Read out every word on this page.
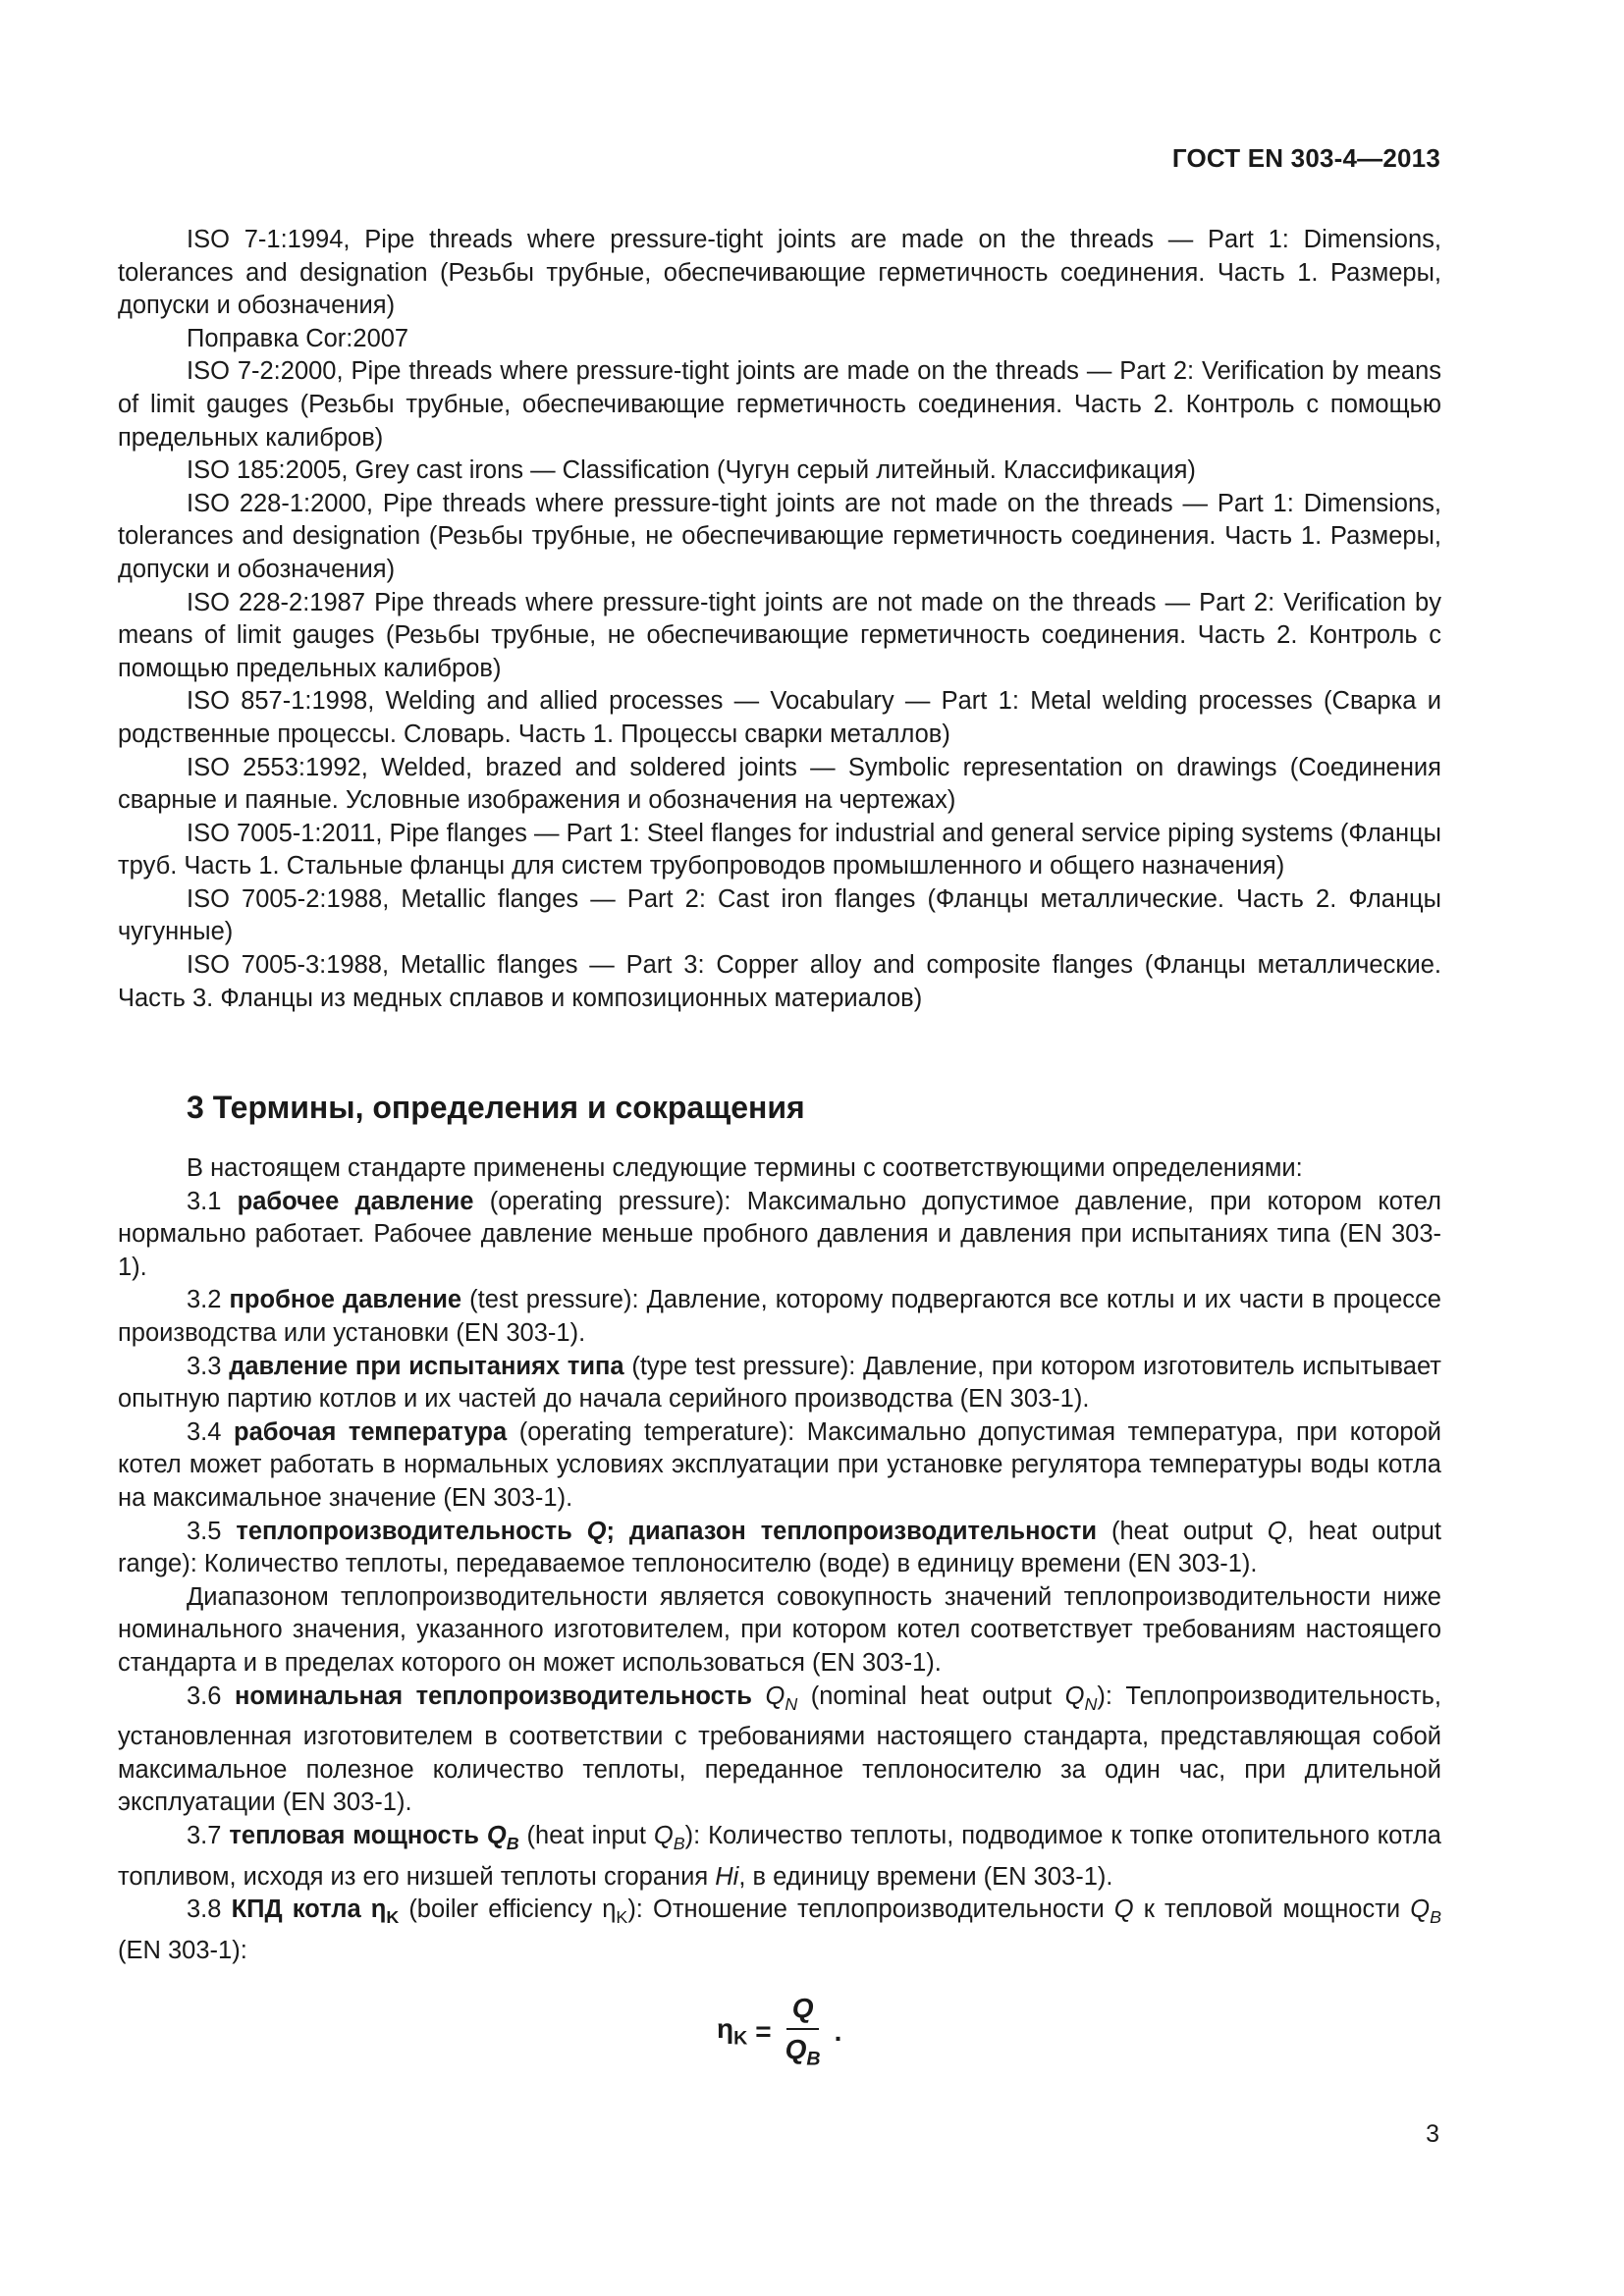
ГОСТ EN 303-4—2013

ISO 7-1:1994, Pipe threads where pressure-tight joints are made on the threads — Part 1: Dimensions, tolerances and designation (Резьбы трубные, обеспечивающие герметичность соединения. Часть 1. Размеры, допуски и обозначения)

Поправка Cor:2007

ISO 7-2:2000, Pipe threads where pressure-tight joints are made on the threads — Part 2: Verification by means of limit gauges (Резьбы трубные, обеспечивающие герметичность соединения. Часть 2. Контроль с помощью предельных калибров)

ISO 185:2005, Grey cast irons — Classification (Чугун серый литейный. Классификация)

ISO 228-1:2000, Pipe threads where pressure-tight joints are not made on the threads — Part 1: Dimensions, tolerances and designation (Резьбы трубные, не обеспечивающие герметичность соединения. Часть 1. Размеры, допуски и обозначения)

ISO 228-2:1987 Pipe threads where pressure-tight joints are not made on the threads — Part 2: Verification by means of limit gauges (Резьбы трубные, не обеспечивающие герметичность соединения. Часть 2. Контроль с помощью предельных калибров)

ISO 857-1:1998, Welding and allied processes — Vocabulary — Part 1: Metal welding processes (Сварка и родственные процессы. Словарь. Часть 1. Процессы сварки металлов)

ISO 2553:1992, Welded, brazed and soldered joints — Symbolic representation on drawings (Соединения сварные и паяные. Условные изображения и обозначения на чертежах)

ISO 7005-1:2011, Pipe flanges — Part 1: Steel flanges for industrial and general service piping systems (Фланцы труб. Часть 1. Стальные фланцы для систем трубопроводов промышленного и общего назначения)

ISO 7005-2:1988, Metallic flanges — Part 2: Cast iron flanges (Фланцы металлические. Часть 2. Фланцы чугунные)

ISO 7005-3:1988, Metallic flanges — Part 3: Copper alloy and composite flanges (Фланцы металлические. Часть 3. Фланцы из медных сплавов и композиционных материалов)

3 Термины, определения и сокращения

В настоящем стандарте применены следующие термины с соответствующими определениями:

3.1 рабочее давление (operating pressure): Максимально допустимое давление, при котором котел нормально работает. Рабочее давление меньше пробного давления и давления при испытаниях типа (EN 303-1).

3.2 пробное давление (test pressure): Давление, которому подвергаются все котлы и их части в процессе производства или установки (EN 303-1).

3.3 давление при испытаниях типа (type test pressure): Давление, при котором изготовитель испытывает опытную партию котлов и их частей до начала серийного производства (EN 303-1).

3.4 рабочая температура (operating temperature): Максимально допустимая температура, при которой котел может работать в нормальных условиях эксплуатации при установке регулятора температуры воды котла на максимальное значение (EN 303-1).

3.5 теплопроизводительность Q; диапазон теплопроизводительности (heat output Q, heat output range): Количество теплоты, передаваемое теплоносителю (воде) в единицу времени (EN 303-1).

Диапазоном теплопроизводительности является совокупность значений теплопроизводительности ниже номинального значения, указанного изготовителем, при котором котел соответствует требованиям настоящего стандарта и в пределах которого он может использоваться (EN 303-1).

3.6 номинальная теплопроизводительность $Q_N$ (nominal heat output $Q_N$): Теплопроизводительность, установленная изготовителем в соответствии с требованиями настоящего стандарта, представляющая собой максимальное полезное количество теплоты, переданное теплоносителю за один час, при длительной эксплуатации (EN 303-1).

3.7 тепловая мощность $Q_B$ (heat input $Q_B$): Количество теплоты, подводимое к топке отопительного котла топливом, исходя из его низшей теплоты сгорания Hi, в единицу времени (EN 303-1).

3.8 КПД котла $\eta_K$ (boiler efficiency $\eta_K$): Отношение теплопроизводительности Q к тепловой мощности $Q_B$ (EN 303-1):

$\eta_K = \frac{Q}{Q_B}$ .
3
